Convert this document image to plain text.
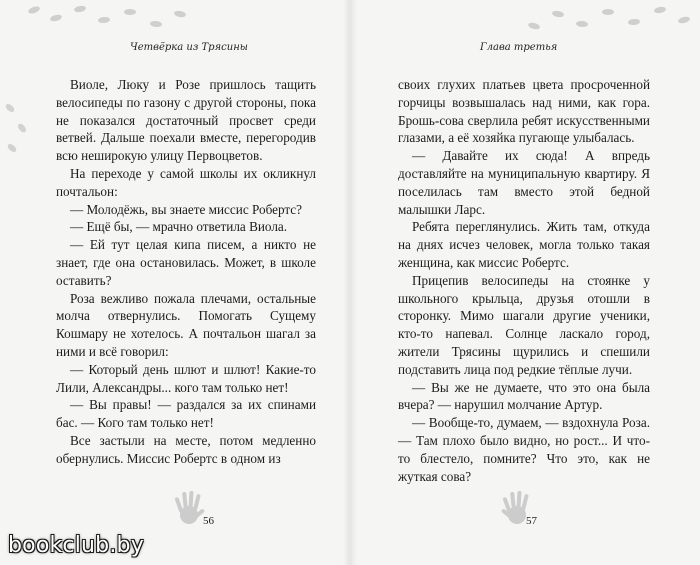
Четвёрка из Трясины	Глава третья

Виоле, Люку и Розе пришлось тащить велосипеды по газону с другой стороны, пока не показался достаточный просвет среди ветвей. Дальше поехали вместе, перегородив всю неширокую улицу Первоцветов.

На переходе у самой школы их окликнул почтальон:

— Молодёжь, вы знаете миссис Робертс?

— Ещё бы, — мрачно ответила Виола.

— Ей тут целая кипа писем, а никто не знает, где она остановилась. Может, в школе оставить?

Роза вежливо пожала плечами, остальные молча отвернулись. Помогать Сущему Кошмару не хотелось. А почтальон шагал за ними и всё говорил:

— Который день шлют и шлют! Какие-то Лили, Александры... кого там только нет!

— Вы правы! — раздался за их спинами бас. — Кого там только нет!

Все застыли на месте, потом медленно обернулись. Миссис Робертс в одном из

своих глухих платьев цвета просроченной горчицы возвышалась над ними, как гора. Брошь-сова сверлила ребят искусственными глазами, а её хозяйка пугающе улыбалась.

— Давайте их сюда! А впредь доставляйте на муниципальную квартиру. Я поселилась там вместо этой бедной малышки Ларс.

Ребята переглянулись. Жить там, откуда на днях исчез человек, могла только такая женщина, как миссис Робертс.

Прицепив велосипеды на стоянке у школьного крыльца, друзья отошли в сторонку. Мимо шагали другие ученики, кто-то напевал. Солнце ласкало город, жители Трясины щурились и спешили подставить лица под редкие тёплые лучи.

— Вы же не думаете, что это она была вчера? — нарушил молчание Артур.

— Вообще-то, думаем, — вздохнула Роза. — Там плохо было видно, но рост... И что-то блестело, помните? Что это, как не жуткая сова?

56	57
bookclub.by
